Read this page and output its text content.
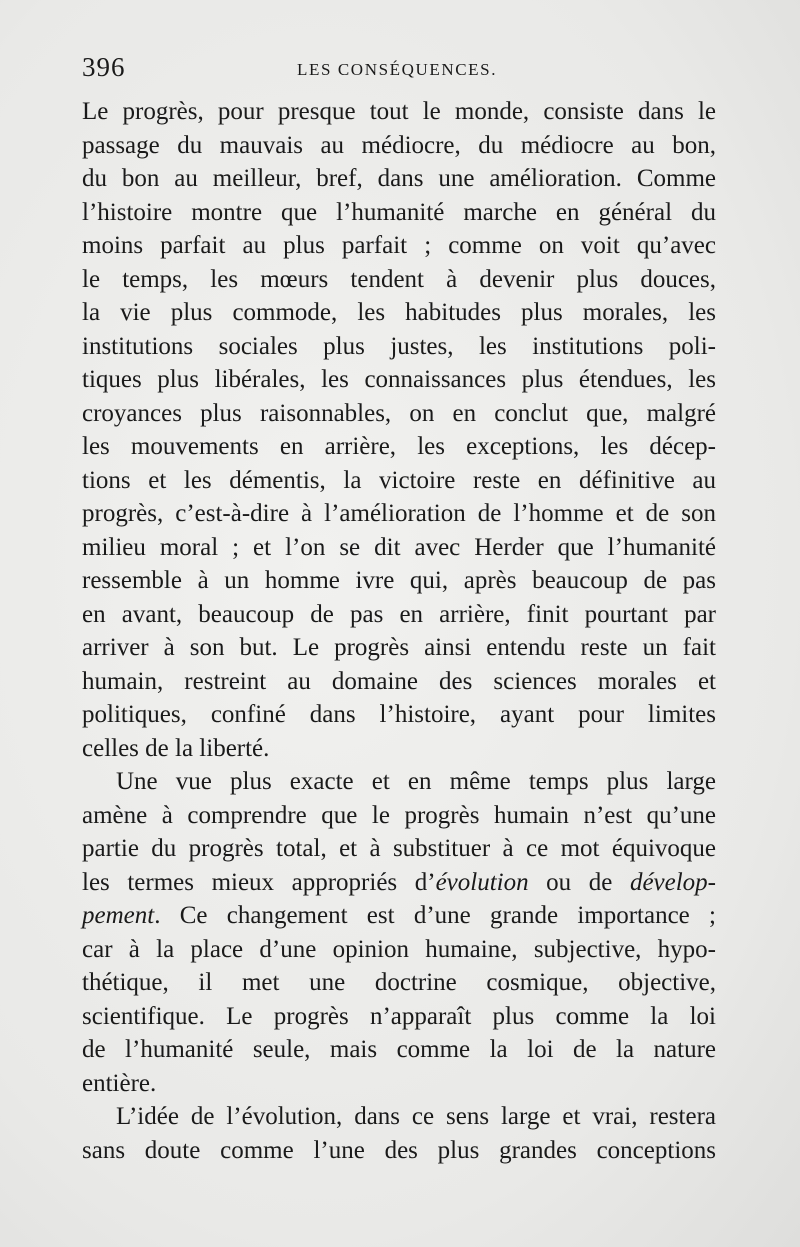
396	LES CONSÉQUENCES.

Le progrès, pour presque tout le monde, consiste dans le
passage du mauvais au médiocre, du médiocre au bon,
du bon au meilleur, bref, dans une amélioration. Comme
l’histoire montre que l’humanité marche en général du
moins parfait au plus parfait ; comme on voit qu’avec
le temps, les mœurs tendent à devenir plus douces,
la vie plus commode, les habitudes plus morales, les
institutions sociales plus justes, les institutions poli-
tiques plus libérales, les connaissances plus étendues, les
croyances plus raisonnables, on en conclut que, malgré
les mouvements en arrière, les exceptions, les décep-
tions et les démentis, la victoire reste en définitive au
progrès, c’est-à-dire à l’amélioration de l’homme et de son
milieu moral ; et l’on se dit avec Herder que l’humanité
ressemble à un homme ivre qui, après beaucoup de pas
en avant, beaucoup de pas en arrière, finit pourtant par
arriver à son but. Le progrès ainsi entendu reste un fait
humain, restreint au domaine des sciences morales et
politiques, confiné dans l’histoire, ayant pour limites
celles de la liberté.

Une vue plus exacte et en même temps plus large
amène à comprendre que le progrès humain n’est qu’une
partie du progrès total, et à substituer à ce mot équivoque
les termes mieux appropriés d’évolution ou de dévelop-
pement. Ce changement est d’une grande importance ;
car à la place d’une opinion humaine, subjective, hypo-
thétique, il met une doctrine cosmique, objective,
scientifique. Le progrès n’apparaît plus comme la loi
de l’humanité seule, mais comme la loi de la nature
entière.

L’idée de l’évolution, dans ce sens large et vrai, restera
sans doute comme l’une des plus grandes conceptions
